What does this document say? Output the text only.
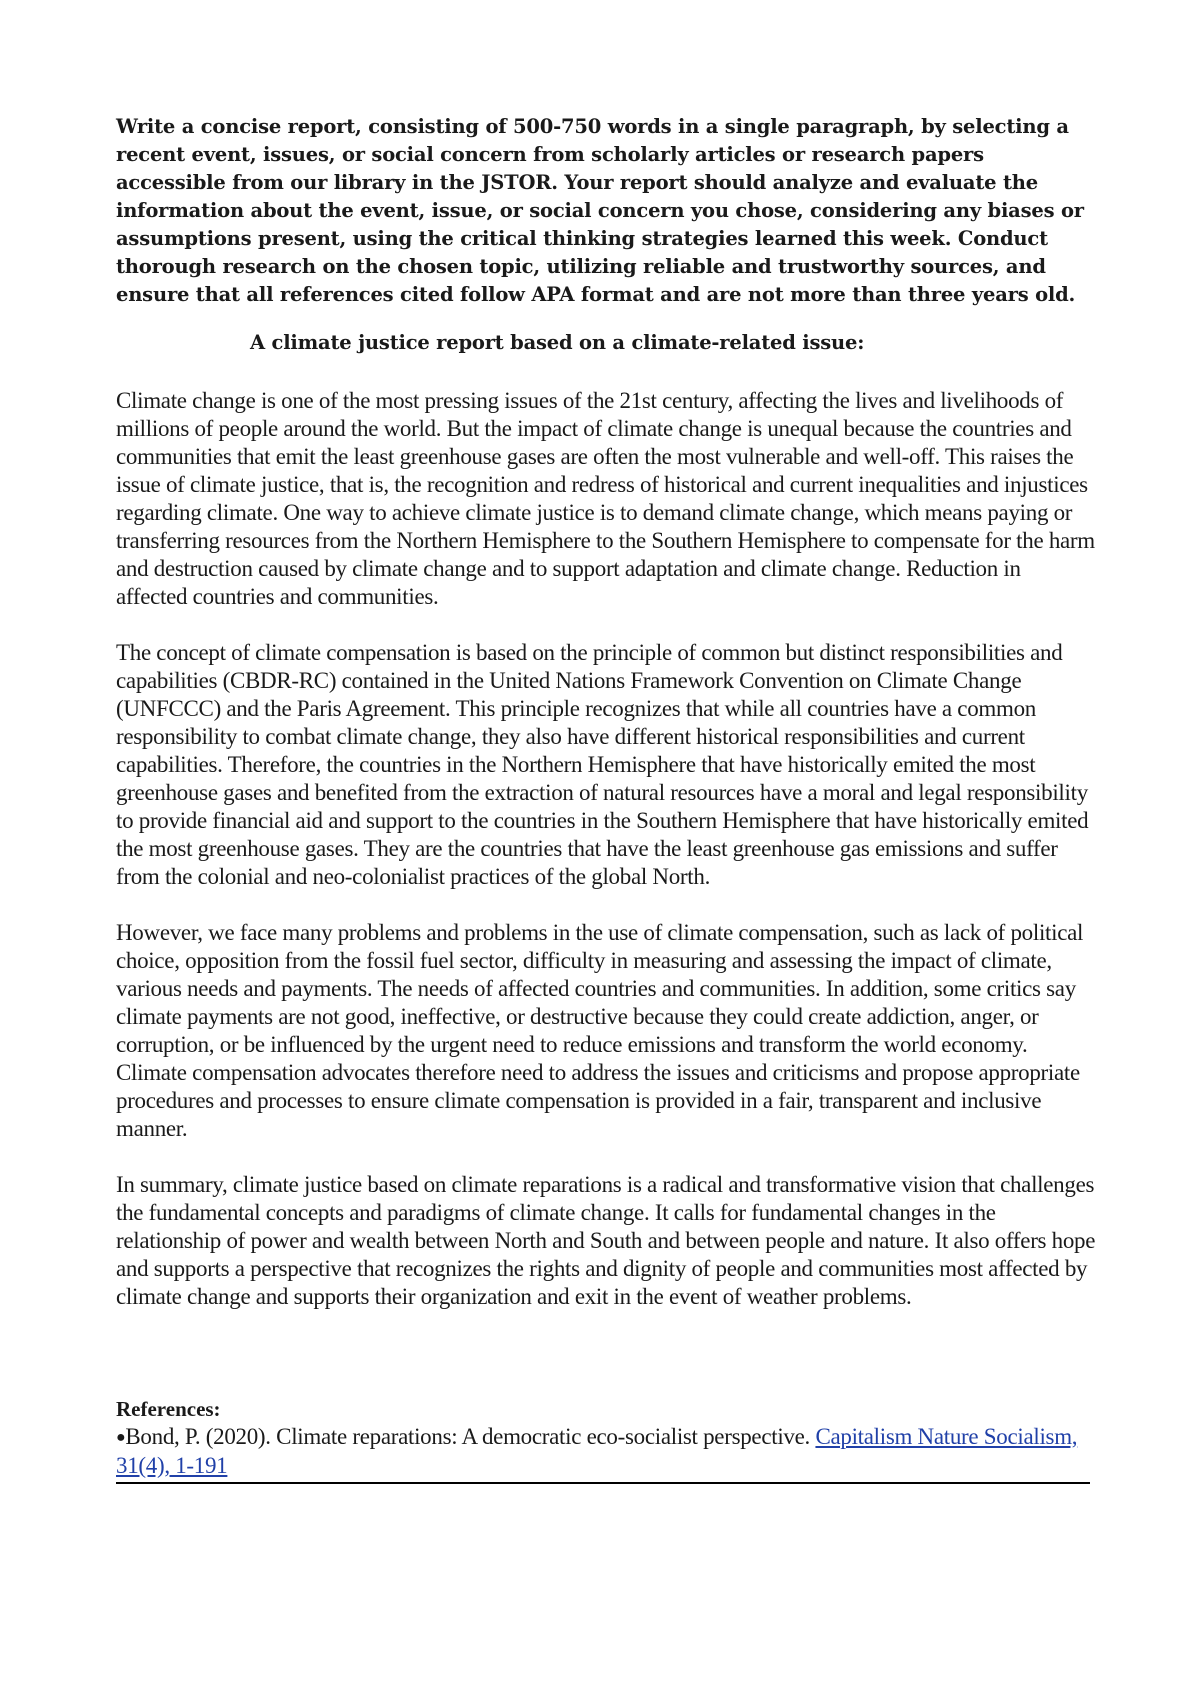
Write a concise report, consisting of 500-750 words in a single paragraph, by selecting a recent event, issues, or social concern from scholarly articles or research papers accessible from our library in the JSTOR. Your report should analyze and evaluate the information about the event, issue, or social concern you chose, considering any biases or assumptions present, using the critical thinking strategies learned this week. Conduct thorough research on the chosen topic, utilizing reliable and trustworthy sources, and ensure that all references cited follow APA format and are not more than three years old.

A climate justice report based on a climate-related issue:

Climate change is one of the most pressing issues of the 21st century, affecting the lives and livelihoods of millions of people around the world. But the impact of climate change is unequal because the countries and communities that emit the least greenhouse gases are often the most vulnerable and well-off. This raises the issue of climate justice, that is, the recognition and redress of historical and current inequalities and injustices regarding climate. One way to achieve climate justice is to demand climate change, which means paying or transferring resources from the Northern Hemisphere to the Southern Hemisphere to compensate for the harm and destruction caused by climate change and to support adaptation and climate change. Reduction in affected countries and communities.

The concept of climate compensation is based on the principle of common but distinct responsibilities and capabilities (CBDR-RC) contained in the United Nations Framework Convention on Climate Change (UNFCCC) and the Paris Agreement. This principle recognizes that while all countries have a common responsibility to combat climate change, they also have different historical responsibilities and current capabilities. Therefore, the countries in the Northern Hemisphere that have historically emited the most greenhouse gases and benefited from the extraction of natural resources have a moral and legal responsibility to provide financial aid and support to the countries in the Southern Hemisphere that have historically emited the most greenhouse gases. They are the countries that have the least greenhouse gas emissions and suffer from the colonial and neo-colonialist practices of the global North.

However, we face many problems and problems in the use of climate compensation, such as lack of political choice, opposition from the fossil fuel sector, difficulty in measuring and assessing the impact of climate, various needs and payments. The needs of affected countries and communities. In addition, some critics say climate payments are not good, ineffective, or destructive because they could create addiction, anger, or corruption, or be influenced by the urgent need to reduce emissions and transform the world economy. Climate compensation advocates therefore need to address the issues and criticisms and propose appropriate procedures and processes to ensure climate compensation is provided in a fair, transparent and inclusive manner.

In summary, climate justice based on climate reparations is a radical and transformative vision that challenges the fundamental concepts and paradigms of climate change. It calls for fundamental changes in the relationship of power and wealth between North and South and between people and nature. It also offers hope and supports a perspective that recognizes the rights and dignity of people and communities most affected by climate change and supports their organization and exit in the event of weather problems.

References:

●Bond, P. (2020). Climate reparations: A democratic eco-socialist perspective. Capitalism Nature Socialism, 31(4), 1-191
